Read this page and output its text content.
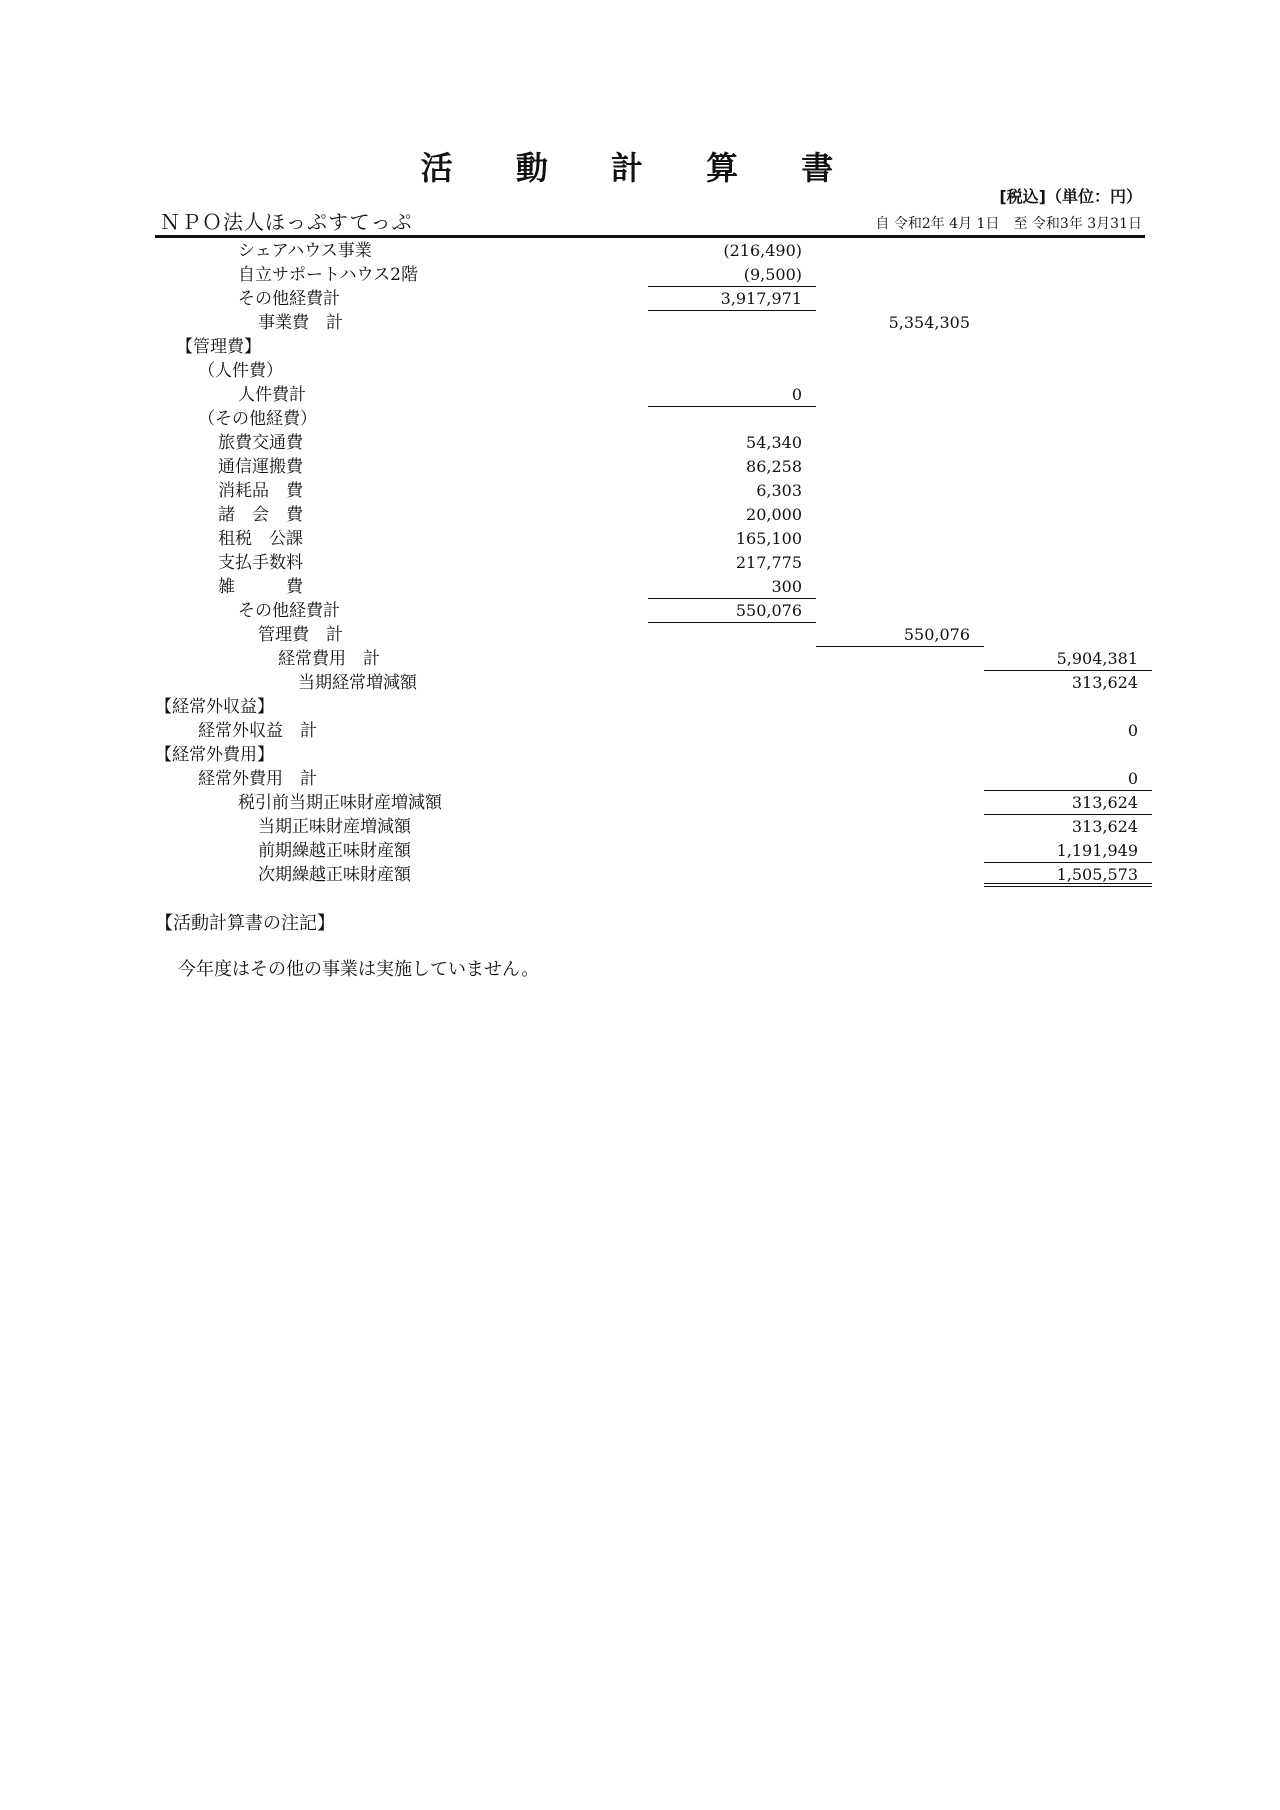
活 動 計 算 書
[税込]（単位：円）
ＮＰＯ法人ほっぷすてっぷ	自 令和2年 4月 1日　至 令和3年 3月31日
シェアハウス事業	(216,490)
自立サポートハウス2階	(9,500)
その他経費計	3,917,971
事業費　計	5,354,305
【管理費】
（人件費）
人件費計	0
（その他経費）
旅費交通費	54,340
通信運搬費	86,258
消耗品　費	6,303
諸　会　費	20,000
租税　公課	165,100
支払手数料	217,775
雑　　　費	300
その他経費計	550,076
管理費　計	550,076
経常費用　計	5,904,381
当期経常増減額	313,624
【経常外収益】
経常外収益　計	0
【経常外費用】
経常外費用　計	0
税引前当期正味財産増減額	313,624
当期正味財産増減額	313,624
前期繰越正味財産額	1,191,949
次期繰越正味財産額	1,505,573
【活動計算書の注記】
今年度はその他の事業は実施していません。
